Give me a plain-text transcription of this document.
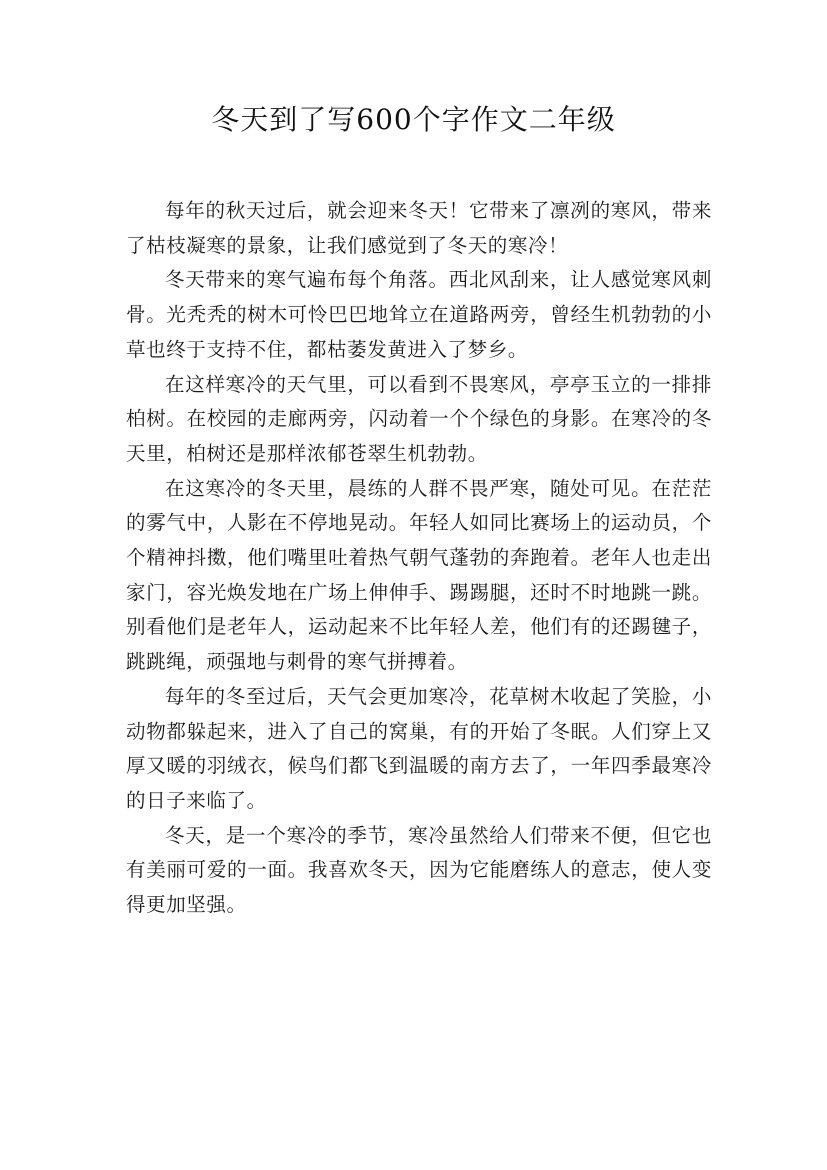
冬天到了写600个字作文二年级

每年的秋天过后，就会迎来冬天！它带来了凛冽的寒风，带来了枯枝凝寒的景象，让我们感觉到了冬天的寒冷！

冬天带来的寒气遍布每个角落。西北风刮来，让人感觉寒风刺骨。光秃秃的树木可怜巴巴地耸立在道路两旁，曾经生机勃勃的小草也终于支持不住，都枯萎发黄进入了梦乡。

在这样寒冷的天气里，可以看到不畏寒风，亭亭玉立的一排排柏树。在校园的走廊两旁，闪动着一个个绿色的身影。在寒冷的冬天里，柏树还是那样浓郁苍翠生机勃勃。

在这寒冷的冬天里，晨练的人群不畏严寒，随处可见。在茫茫的雾气中，人影在不停地晃动。年轻人如同比赛场上的运动员，个个精神抖擞，他们嘴里吐着热气朝气蓬勃的奔跑着。老年人也走出家门，容光焕发地在广场上伸伸手、踢踢腿，还时不时地跳一跳。别看他们是老年人，运动起来不比年轻人差，他们有的还踢毽子，跳跳绳，顽强地与刺骨的寒气拼搏着。

每年的冬至过后，天气会更加寒冷，花草树木收起了笑脸，小动物都躲起来，进入了自己的窝巢，有的开始了冬眠。人们穿上又厚又暖的羽绒衣，候鸟们都飞到温暖的南方去了，一年四季最寒冷的日子来临了。

冬天，是一个寒冷的季节，寒冷虽然给人们带来不便，但它也有美丽可爱的一面。我喜欢冬天，因为它能磨练人的意志，使人变得更加坚强。
